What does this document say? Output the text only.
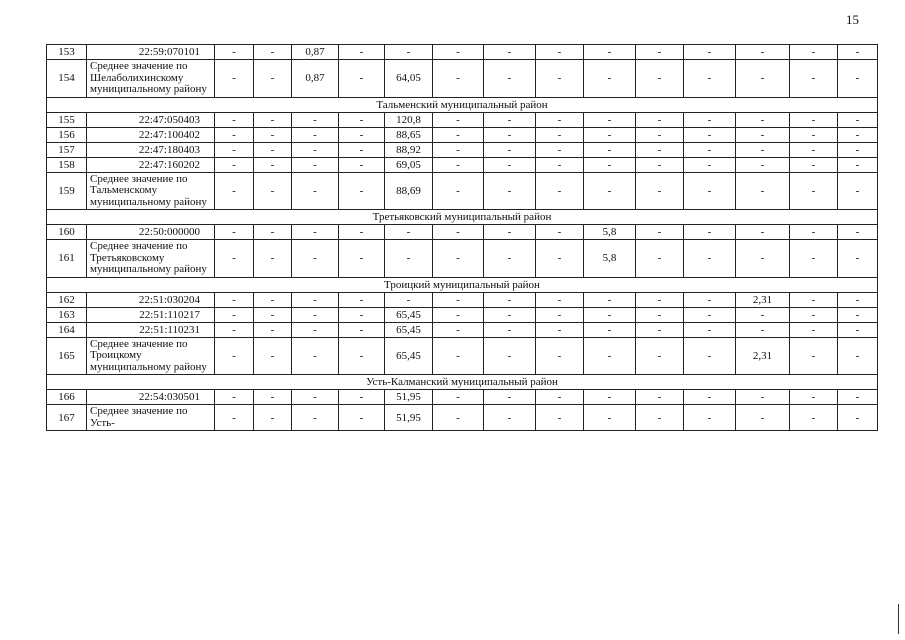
15
153	22:59:070101	-	-	0,87	-	-	-	-	-	-	-	-	-	-	-
154	Среднее значение по Шелаболихинскому муниципальному району	-	-	0,87	-	64,05	-	-	-	-	-	-	-	-	-
Тальменский муниципальный район															
155	22:47:050403	-	-	-	-	120,8	-	-	-	-	-	-	-	-	-
156	22:47:100402	-	-	-	-	88,65	-	-	-	-	-	-	-	-	-
157	22:47:180403	-	-	-	-	88,92	-	-	-	-	-	-	-	-	-
158	22:47:160202	-	-	-	-	69,05	-	-	-	-	-	-	-	-	-
159	Среднее значение по Тальменскому муниципальному району	-	-	-	-	88,69	-	-	-	-	-	-	-	-	-
Третьяковский муниципальный район															
160	22:50:000000	-	-	-	-	-	-	-	-	5,8	-	-	-	-	-
161	Среднее значение по Третьяковскому муниципальному району	-	-	-	-	-	-	-	-	5,8	-	-	-	-	-
Троицкий муниципальный район															
162	22:51:030204	-	-	-	-	-	-	-	-	-	-	-	2,31	-	-
163	22:51:110217	-	-	-	-	65,45	-	-	-	-	-	-	-	-	-
164	22:51:110231	-	-	-	-	65,45	-	-	-	-	-	-	-	-	-
165	Среднее значение по Троицкому муниципальному району	-	-	-	-	65,45	-	-	-	-	-	-	2,31	-	-
Усть-Калманский муниципальный район															
166	22:54:030501	-	-	-	-	51,95	-	-	-	-	-	-	-	-	-
167	Среднее значение по Усть-	-	-	-	-	51,95	-	-	-	-	-	-	-	-	-
